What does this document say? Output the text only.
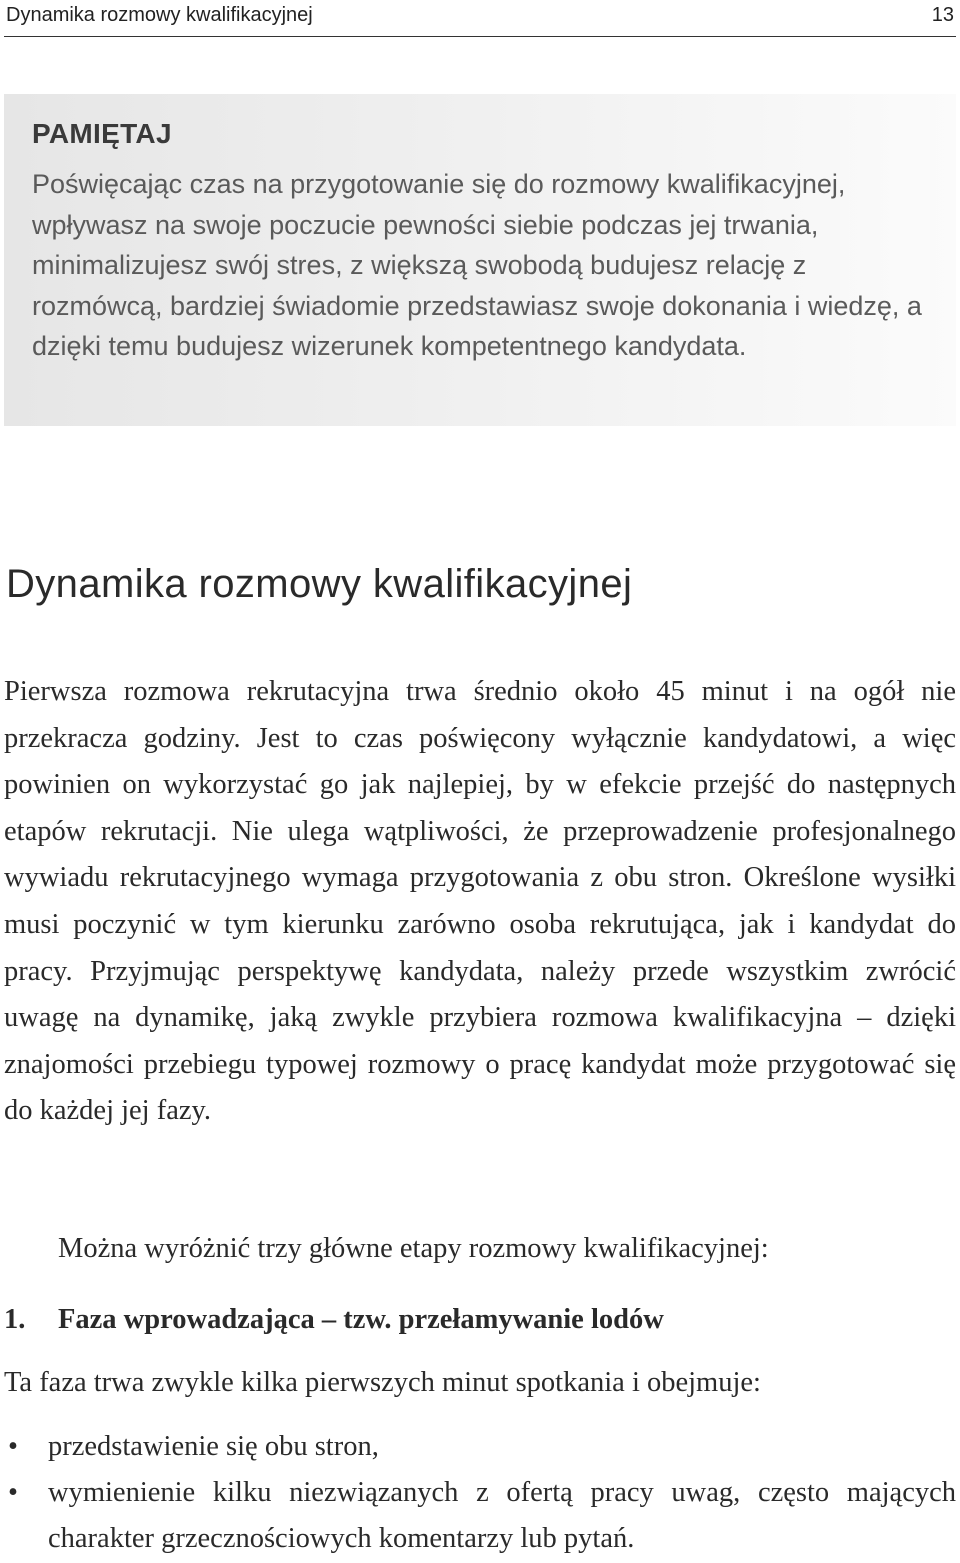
Dynamika rozmowy kwalifikacyjnej	13

PAMIĘTAJ

Poświęcając czas na przygotowanie się do rozmowy kwalifikacyjnej, wpływasz na swoje poczucie pewności siebie podczas jej trwania, minimalizujesz swój stres, z większą swobodą budujesz relację z rozmówcą, bardziej świadomie przedstawiasz swoje dokonania i wiedzę, a dzięki temu budujesz wizerunek kompetentnego kandydata.

Dynamika rozmowy kwalifikacyjnej

Pierwsza rozmowa rekrutacyjna trwa średnio około 45 minut i na ogół nie przekracza godziny. Jest to czas poświęcony wyłącznie kandydatowi, a więc powinien on wykorzystać go jak najlepiej, by w efekcie przejść do następnych etapów rekrutacji. Nie ulega wątpliwości, że przeprowadzenie profesjonalnego wywiadu rekrutacyjnego wymaga przygotowania z obu stron. Określone wysiłki musi poczynić w tym kierunku zarówno osoba rekrutująca, jak i kandydat do pracy. Przyjmując perspektywę kandydata, należy przede wszystkim zwrócić uwagę na dynamikę, jaką zwykle przybiera rozmowa kwalifikacyjna – dzięki znajomości przebiegu typowej rozmowy o pracę kandydat może przygotować się do każdej jej fazy.

Można wyróżnić trzy główne etapy rozmowy kwalifikacyjnej:

1. Faza wprowadzająca – tzw. przełamywanie lodów

Ta faza trwa zwykle kilka pierwszych minut spotkania i obejmuje:

• przedstawienie się obu stron,
• wymienienie kilku niezwiązanych z ofertą pracy uwag, często mających charakter grzecznościowych komentarzy lub pytań.
